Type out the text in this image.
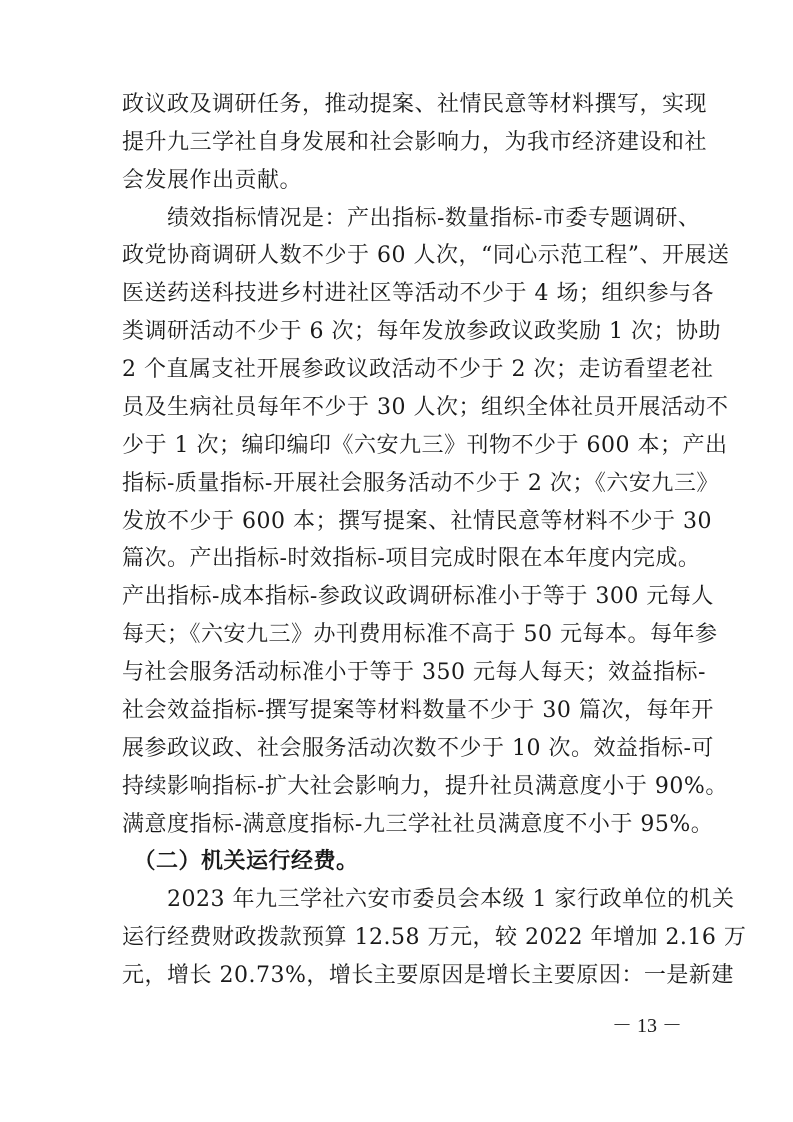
政议政及调研任务，推动提案、社情民意等材料撰写，实现
提升九三学社自身发展和社会影响力，为我市经济建设和社
会发展作出贡献。
　　绩效指标情况是：产出指标-数量指标-市委专题调研、
政党协商调研人数不少于 60 人次，“同心示范工程”、开展送
医送药送科技进乡村进社区等活动不少于 4 场；组织参与各
类调研活动不少于 6 次；每年发放参政议政奖励 1 次；协助
2 个直属支社开展参政议政活动不少于 2 次；走访看望老社
员及生病社员每年不少于 30 人次；组织全体社员开展活动不
少于 1 次；编印编印《六安九三》刊物不少于 600 本；产出
指标-质量指标-开展社会服务活动不少于 2 次；《六安九三》
发放不少于 600 本；撰写提案、社情民意等材料不少于 30
篇次。产出指标-时效指标-项目完成时限在本年度内完成。
产出指标-成本指标-参政议政调研标准小于等于 300 元每人
每天；《六安九三》办刊费用标准不高于 50 元每本。每年参
与社会服务活动标准小于等于 350 元每人每天；效益指标-
社会效益指标-撰写提案等材料数量不少于 30 篇次，每年开
展参政议政、社会服务活动次数不少于 10 次。效益指标-可
持续影响指标-扩大社会影响力，提升社员满意度小于 90%。
满意度指标-满意度指标-九三学社社员满意度不小于 95%。
　（二）机关运行经费。
　　2023 年九三学社六安市委员会本级 1 家行政单位的机关
运行经费财政拨款预算 12.58 万元，较 2022 年增加 2.16 万
元，增长 20.73%，增长主要原因是增长主要原因：一是新建
－ 13 －
